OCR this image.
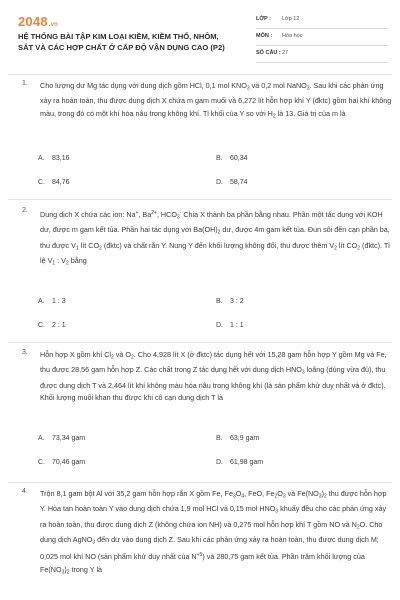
2048.vn
HỆ THỐNG BÀI TẬP KIM LOẠI KIỀM, KIỀM THỔ, NHÔM,
SẮT VÀ CÁC HỢP CHẤT Ở CẤP ĐỘ VẬN DỤNG CAO (P2)
LỚP : Lớp 12
MÔN : Hóa học
SỐ CÂU : 27
1. Cho lượng dư Mg tác dụng với dung dịch gồm HCl, 0,1 mol $KNO_3$ và 0,2 mol NaNO$_3$. Sau khi các phản ứng xảy ra hoàn toàn, thu được dung dịch X chứa m gam muối và 6,272 lít hỗn hợp khí Y (đktc) gồm hai khí không màu, trong đó có một khí hóa nâu trong không khí. Tỉ khối của Y so với $H_2$ là 13. Giá trị của m là
A. 83,16	B. 60,34
C. 84,76	D. 58,74
2. Dung dịch X chứa các ion: Na+, $Ba^{2+}$, $HCO_3^-$ Chia X thành ba phần bằng nhau. Phần một tác dụng với KOH dư, được m gam kết tủa. Phần hai tác dụng với $Ba(OH)_2$ dư, được 4m gam kết tủa. Đun sôi đến cạn phần ba, thu được $V_1$ lít $CO_2$ (đktc) và chất rắn Y. Nung Y đến khối lượng không đổi, thu được thêm $V_2$ lít $CO_2$ (đktc). Tỉ lệ $V_1$ : $V_2$ bằng
A. 1 : 3	B. 3 : 2
C. 2 : 1	D. 1 : 1
3. Hỗn hợp X gồm khí $Cl_2$ và $O_2$. Cho 4,928 lít X (ở đktc) tác dụng hết với 15,28 gam hỗn hợp Y gồm Mg và Fe, thu được 28,56 gam hỗn hợp Z. Các chất trong Z tác dụng hết với dung dịch $HNO_3$ loãng (dùng vừa đủ), thu được dung dịch T và 2,464 lít khí không màu hóa nâu trong không khí (là sản phẩm khử duy nhất và ở đktc). Khối lượng muối khan thu được khi cô cạn dung dịch T là
A. 73,34 gam	B. 63,9 gam
C. 70,46 gam	D. 61,98 gam
4. Trộn 8,1 gam bột Al với 35,2 gam hỗn hợp rắn X gồm Fe, $Fe_3O_4$, FeO, $Fe_2O_3$ và $Fe(NO_3)_2$ thu được hỗn hợp Y. Hòa tan hoàn toàn Y vào dung dịch chứa 1,9 mol HCl và 0,15 mol $HNO_3$ khuấy đều cho các phản ứng xảy ra hoàn toàn, thu được dung dịch Z (không chứa ion NH) và 0,275 mol hỗn hợp khí T gồm NO và $N_2O$. Cho dung dịch AgNO$_3$ đến dư vào dung dịch Z. Sau khi các phản ứng xảy ra hoàn toàn, thu được dung dịch M; 0,025 mol khí NO (sản phẩm khử duy nhất của $N^{+5}$) và 280,75 gam kết tủa. Phần trăm khối lượng của $Fe(NO_3)_2$ trong Y là
